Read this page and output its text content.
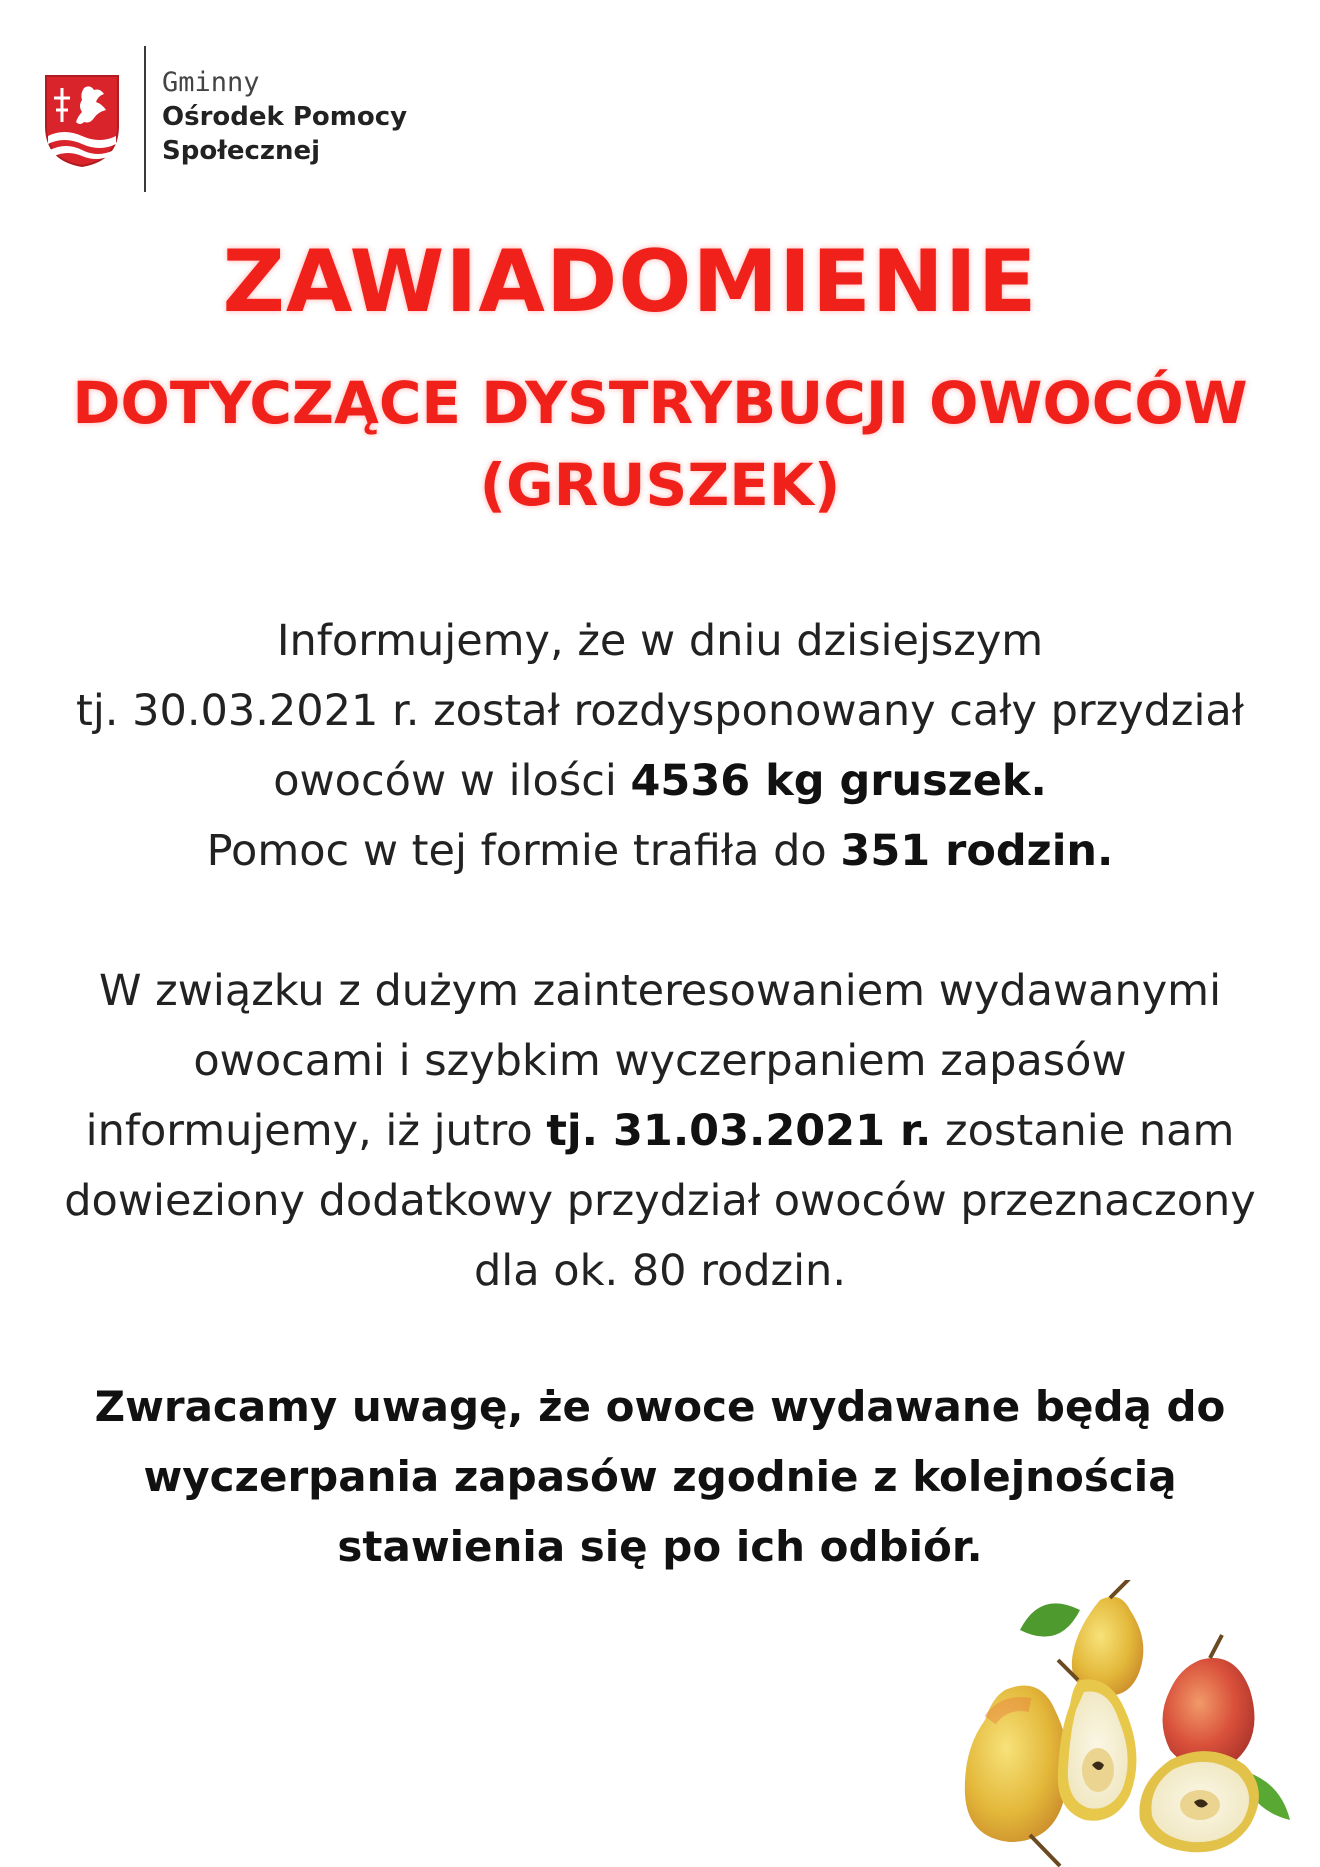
Gminny
Ośrodek Pomocy
Społecznej
ZAWIADOMIENIE
DOTYCZĄCE DYSTRYBUCJI OWOCÓW
(GRUSZEK)
Informujemy, że w dniu dzisiejszym
tj. 30.03.2021 r. został rozdysponowany cały przydział
owoców w ilości 4536 kg gruszek.
Pomoc w tej formie trafiła do 351 rodzin.
W związku z dużym zainteresowaniem wydawanymi
owocami i szybkim wyczerpaniem zapasów
informujemy, iż jutro tj. 31.03.2021 r. zostanie nam
dowieziony dodatkowy przydział owoców przeznaczony
dla ok. 80 rodzin.
Zwracamy uwagę, że owoce wydawane będą do
wyczerpania zapasów zgodnie z kolejnością
stawienia się po ich odbiór.
